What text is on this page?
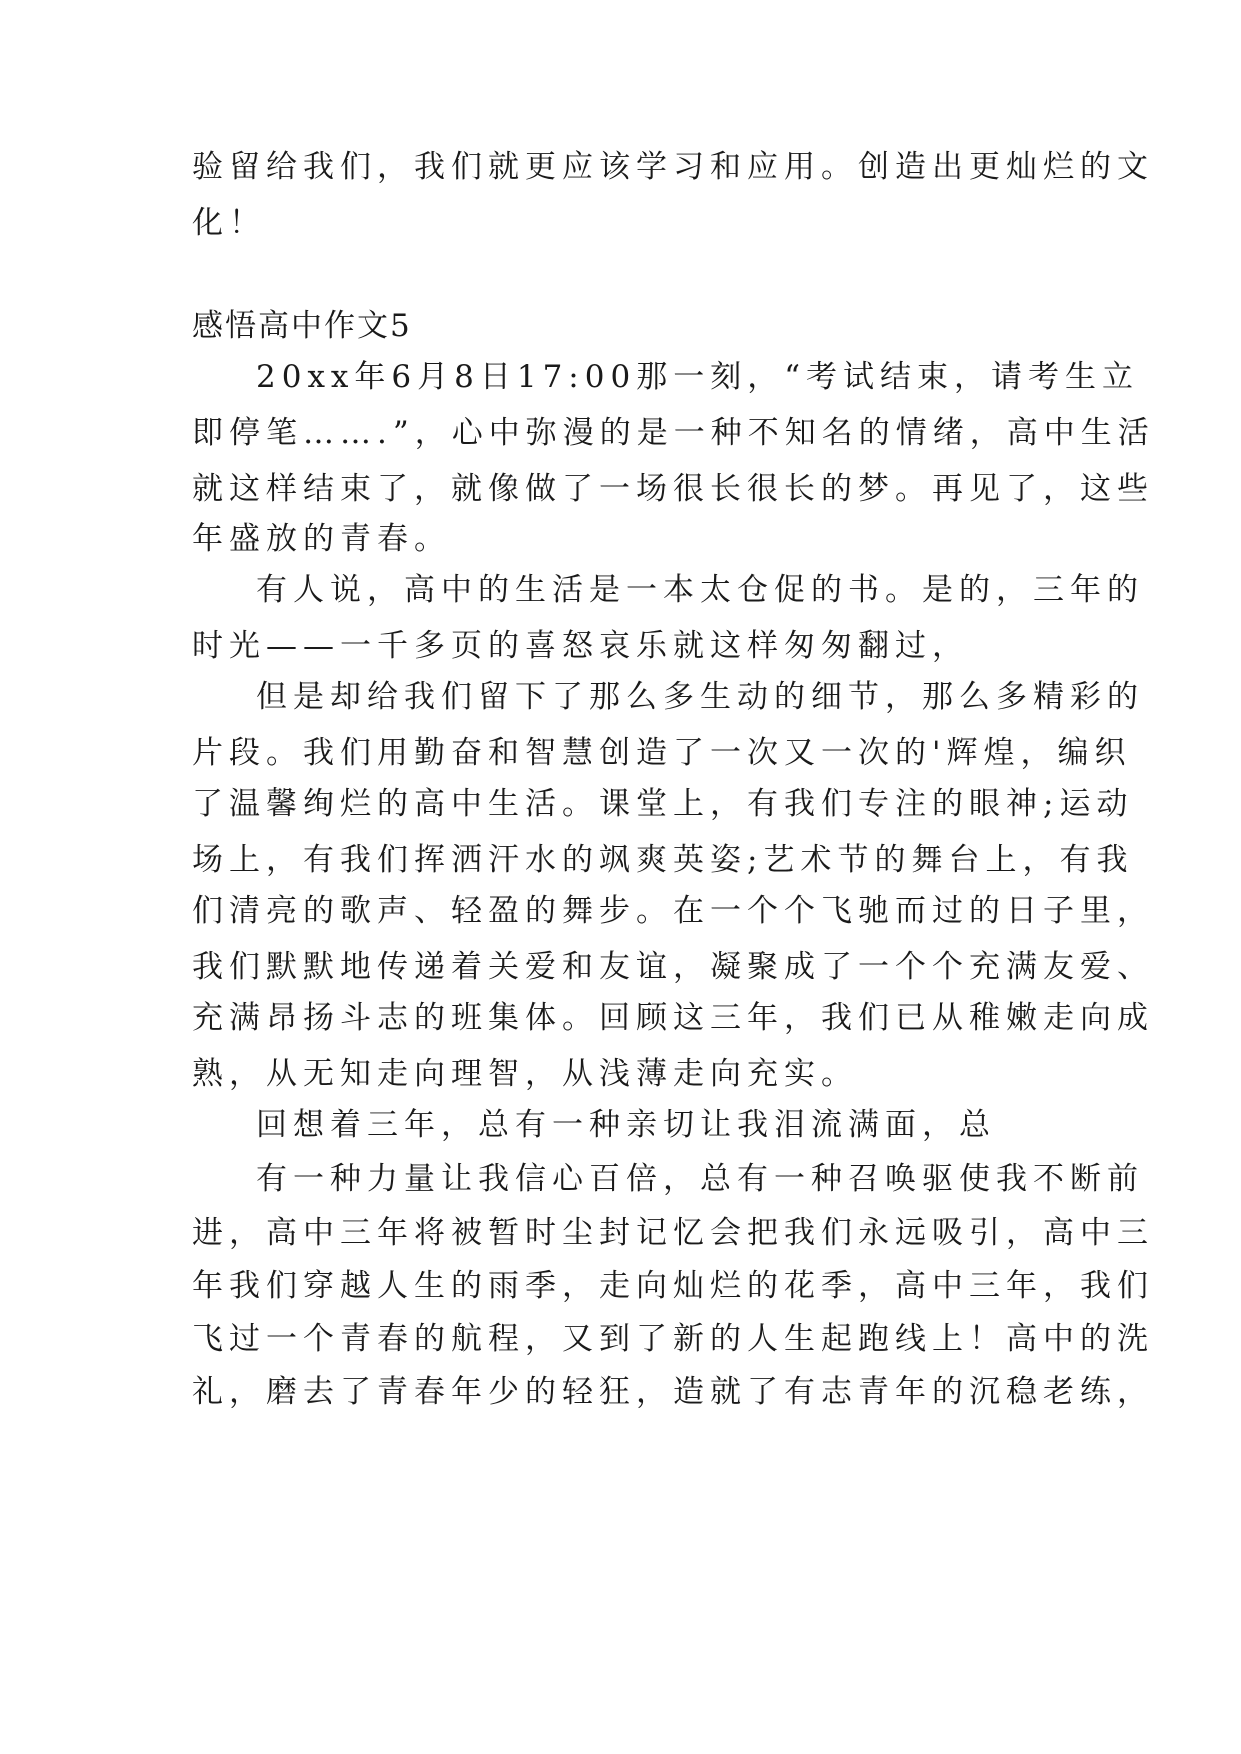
验留给我们，我们就更应该学习和应用。创造出更灿烂的文
化！
感悟高中作文5
20xx年6月8日17:00那一刻，“考试结束，请考生立
即停笔…….”，心中弥漫的是一种不知名的情绪，高中生活
就这样结束了，就像做了一场很长很长的梦。再见了，这些
年盛放的青春。
有人说，高中的生活是一本太仓促的书。是的，三年的
时光——一千多页的喜怒哀乐就这样匆匆翻过，
但是却给我们留下了那么多生动的细节，那么多精彩的
片段。我们用勤奋和智慧创造了一次又一次的'辉煌，编织
了温馨绚烂的高中生活。课堂上，有我们专注的眼神;运动
场上，有我们挥洒汗水的飒爽英姿;艺术节的舞台上，有我
们清亮的歌声、轻盈的舞步。在一个个飞驰而过的日子里，
我们默默地传递着关爱和友谊，凝聚成了一个个充满友爱、
充满昂扬斗志的班集体。回顾这三年，我们已从稚嫩走向成
熟，从无知走向理智，从浅薄走向充实。
回想着三年，总有一种亲切让我泪流满面，总
有一种力量让我信心百倍，总有一种召唤驱使我不断前
进，高中三年将被暂时尘封记忆会把我们永远吸引，高中三
年我们穿越人生的雨季，走向灿烂的花季，高中三年，我们
飞过一个青春的航程，又到了新的人生起跑线上！高中的洗
礼，磨去了青春年少的轻狂，造就了有志青年的沉稳老练，
